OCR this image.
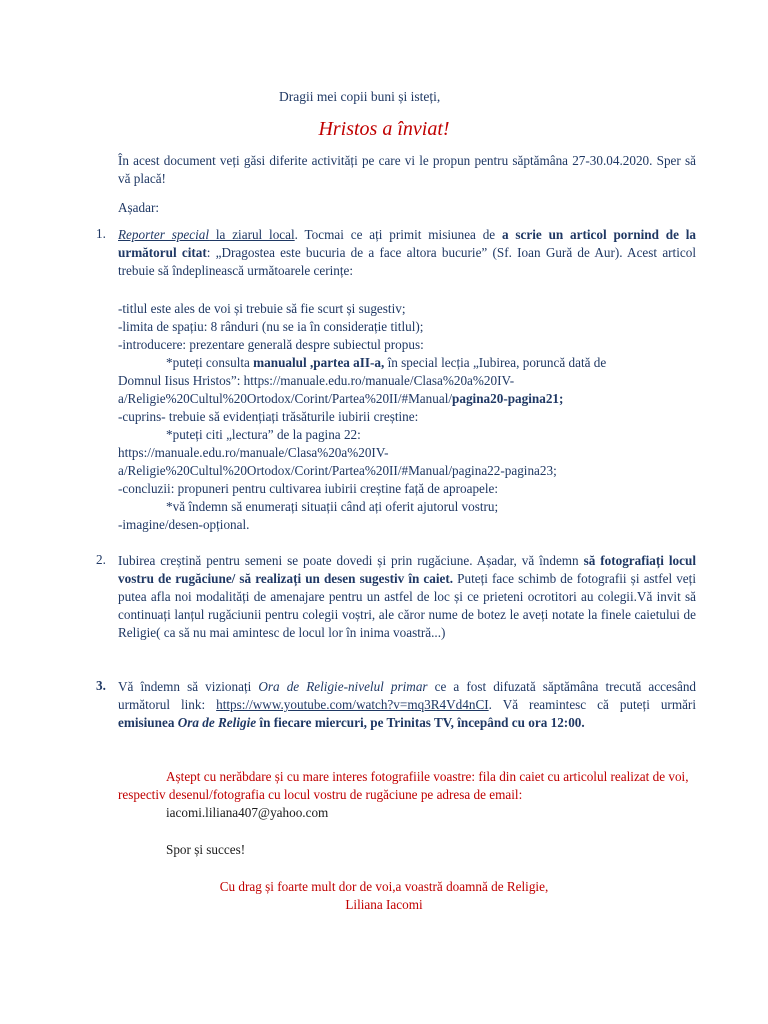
Dragii mei copii buni și isteți,
Hristos a înviat!
În acest document veți găsi diferite activități pe care vi le propun pentru săptămâna 27-30.04.2020. Sper să vă placă!
Așadar:
1. Reporter special la ziarul local. Tocmai ce ați primit misiunea de a scrie un articol pornind de la următorul citat: „Dragostea este bucuria de a face altora bucurie” (Sf. Ioan Gură de Aur). Acest articol trebuie să îndeplinească următoarele cerințe:
-titlul este ales de voi și trebuie să fie scurt și sugestiv;
-limita de spațiu: 8 rânduri (nu se ia în considerație titlul);
-introducere: prezentare generală despre subiectul propus:
*puteți consulta manualul ,partea aII-a, în special lecția „Iubirea, poruncă dată de
Domnul Iisus Hristos”: https://manuale.edu.ro/manuale/Clasa%20a%20IV-
a/Religie%20Cultul%20Ortodox/Corint/Partea%20II/#Manual/pagina20-pagina21;
-cuprins- trebuie să evidențiați trăsăturile iubirii creștine:
*puteți citi „lectura” de la pagina 22:
https://manuale.edu.ro/manuale/Clasa%20a%20IV-
a/Religie%20Cultul%20Ortodox/Corint/Partea%20II/#Manual/pagina22-pagina23;
-concluzii: propuneri pentru cultivarea iubirii creștine față de aproapele:
*vă îndemn să enumerați situații când ați oferit ajutorul vostru;
-imagine/desen-opțional.
2. Iubirea creștină pentru semeni se poate dovedi și prin rugăciune. Așadar, vă îndemn să fotografiați locul vostru de rugăciune/ să realizați un desen sugestiv în caiet. Puteți face schimb de fotografii și astfel veți putea afla noi modalități de amenajare pentru un astfel de loc și ce prieteni ocrotitori au colegii.Vă invit să continuați lanțul rugăciunii pentru colegii voștri, ale căror nume de botez le aveți notate la finele caietului de Religie( ca să nu mai amintesc de locul lor în inima voastră...)
3. Vă îndemn să vizionați Ora de Religie-nivelul primar ce a fost difuzată săptămâna trecută accesând următorul link: https://www.youtube.com/watch?v=mq3R4Vd4nCI. Vă reamintesc că puteți urmări emisiunea Ora de Religie în fiecare miercuri, pe Trinitas TV, începând cu ora 12:00.
Aștept cu nerăbdare și cu mare interes fotografiile voastre: fila din caiet cu articolul realizat de voi, respectiv desenul/fotografia cu locul vostru de rugăciune pe adresa de email:
iacomi.liliana407@yahoo.com
Spor și succes!
Cu drag și foarte mult dor de voi,a voastră doamnă de Religie,
Liliana Iacomi
